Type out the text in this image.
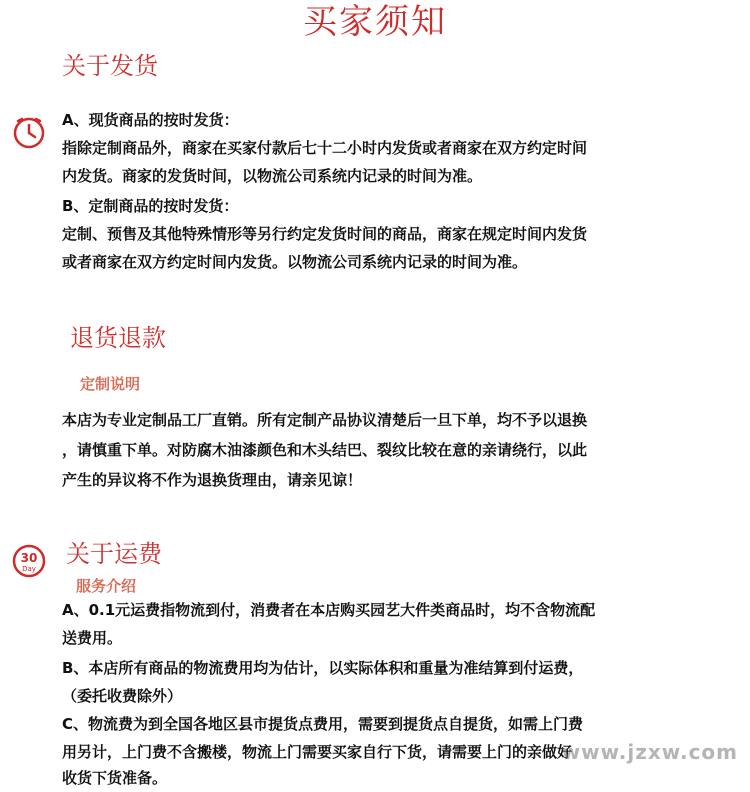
买家须知
关于发货
A、现货商品的按时发货：
指除定制商品外，商家在买家付款后七十二小时内发货或者商家在双方约定时间
内发货。商家的发货时间，以物流公司系统内记录的时间为准。
B、定制商品的按时发货：
定制、预售及其他特殊情形等另行约定发货时间的商品，商家在规定时间内发货
或者商家在双方约定时间内发货。以物流公司系统内记录的时间为准。
退货退款
定制说明
本店为专业定制品工厂直销。所有定制产品协议清楚后一旦下单，均不予以退换
，请慎重下单。对防腐木油漆颜色和木头结巴、裂纹比较在意的亲请绕行，以此
产生的异议将不作为退换货理由，请亲见谅！
30
Day
关于运费
服务介绍
A、0.1元运费指物流到付，消费者在本店购买园艺大件类商品时，均不含物流配
送费用。
B、本店所有商品的物流费用均为估计，以实际体积和重量为准结算到付运费，
（委托收费除外）
C、物流费为到全国各地区县市提货点费用，需要到提货点自提货，如需上门费
用另计，上门费不含搬楼，物流上门需要买家自行下货，请需要上门的亲做好
收货下货准备。
www.jzxw.com
